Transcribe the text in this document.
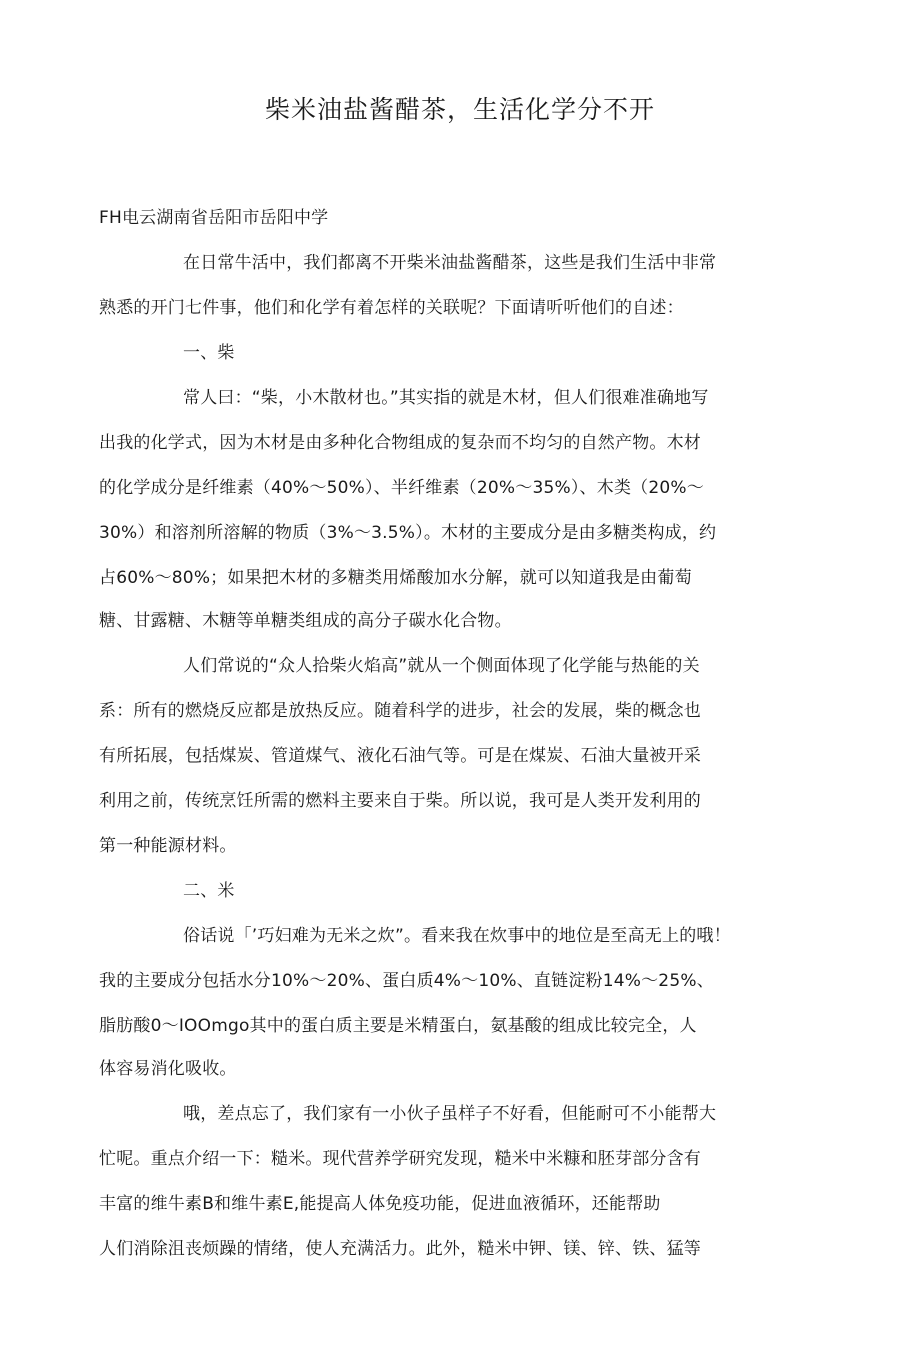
柴米油盐酱醋茶，生活化学分不开
FH电云湖南省岳阳市岳阳中学
在日常牛活中，我们都离不开柴米油盐酱醋茶，这些是我们生活中非常
熟悉的开门七件事，他们和化学有着怎样的关联呢？下面请听听他们的自述：
一、柴
常人曰：“柴，小木散材也。”其实指的就是木材，但人们很难准确地写
出我的化学式，因为木材是由多种化合物组成的复杂而不均匀的自然产物。木材
的化学成分是纤维素（40%〜50%）、半纤维素（20%〜35%）、木类（20%〜
30%）和溶剂所溶解的物质（3%〜3.5%）。木材的主要成分是由多糖类构成，约
占60%〜80%；如果把木材的多糖类用烯酸加水分解，就可以知道我是由葡萄
糖、甘露糖、木糖等单糖类组成的高分子碳水化合物。
人们常说的“众人拾柴火焰高”就从一个侧面体现了化学能与热能的关
系：所有的燃烧反应都是放热反应。随着科学的进步，社会的发展，柴的概念也
有所拓展，包括煤炭、管道煤气、液化石油气等。可是在煤炭、石油大量被开采
利用之前，传统烹饪所需的燃料主要来自于柴。所以说，我可是人类开发利用的
第一种能源材料。
二、米
俗话说「’巧妇难为无米之炊”。看来我在炊事中的地位是至高无上的哦！
我的主要成分包括水分10%〜20%、蛋白质4%〜10%、直链淀粉14%〜25%、
脂肪酸0〜IOOmgo其中的蛋白质主要是米精蛋白，氨基酸的组成比较完全，人
体容易消化吸收。
哦，差点忘了，我们家有一小伙子虽样子不好看，但能耐可不小能帮大
忙呢。重点介绍一下：糙米。现代营养学研究发现，糙米中米糠和胚芽部分含有
丰富的维牛素B和维牛素E,能提高人体免疫功能，促进血液循环，还能帮助
人们消除沮丧烦躁的情绪，使人充满活力。此外，糙米中钾、镁、锌、铁、猛等
